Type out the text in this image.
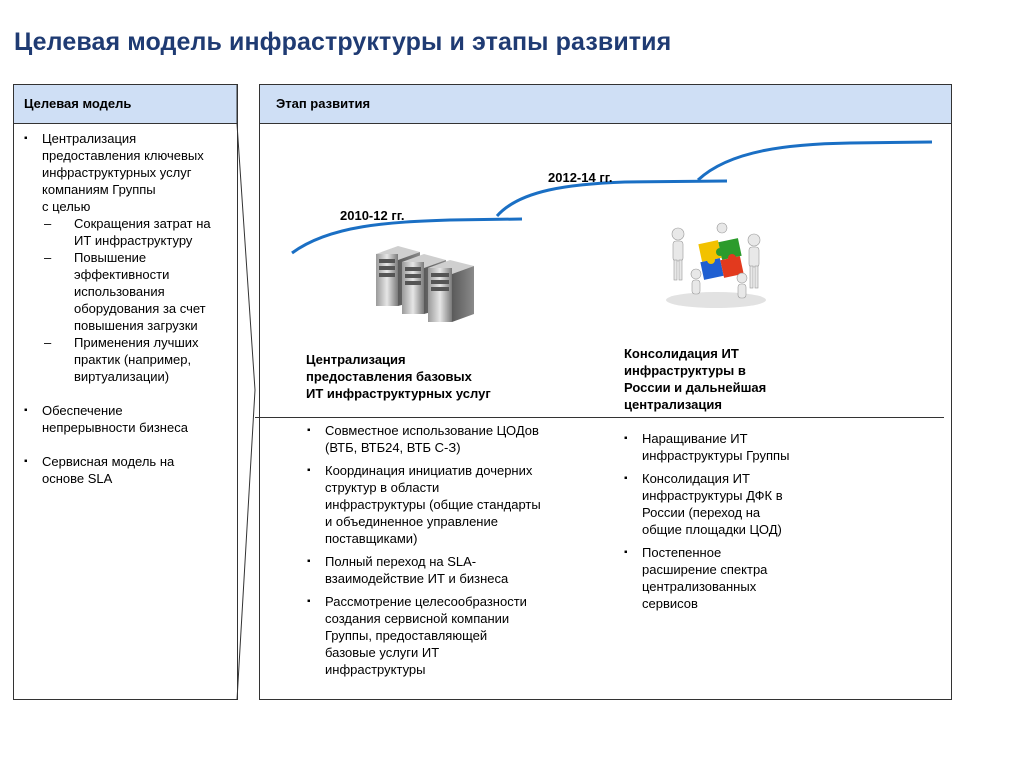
Целевая модель инфраструктуры и этапы развития
Целевая модель
▪ Централизация
предоставления ключевых
инфраструктурных услуг
компаниям Группы
с целью
– Сокращения затрат на
ИТ инфраструктуру
– Повышение
эффективности
использования
оборудования за счет
повышения загрузки
– Применения лучших
практик (например,
виртуализации)
▪ Обеспечение
непрерывности бизнеса
▪ Сервисная модель на
основе SLA
Этап развития
2010-12 гг.
2012-14 гг.
Централизация
предоставления базовых
ИТ инфраструктурных услуг
Консолидация ИТ
инфраструктуры в
России и дальнейшая
централизация
▪ Совместное использование ЦОДов
(ВТБ, ВТБ24, ВТБ С-З)
▪ Координация инициатив дочерних
структур в области
инфраструктуры (общие стандарты
и объединенное управление
поставщиками)
▪ Полный переход на SLA-
взаимодействие ИТ и бизнеса
▪ Рассмотрение целесообразности
создания сервисной компании
Группы, предоставляющей
базовые услуги ИТ
инфраструктуры
▪ Наращивание ИТ
инфраструктуры Группы
▪ Консолидация ИТ
инфраструктуры ДФК в
России (переход на
общие площадки ЦОД)
▪ Постепенное
расширение спектра
централизованных
сервисов
